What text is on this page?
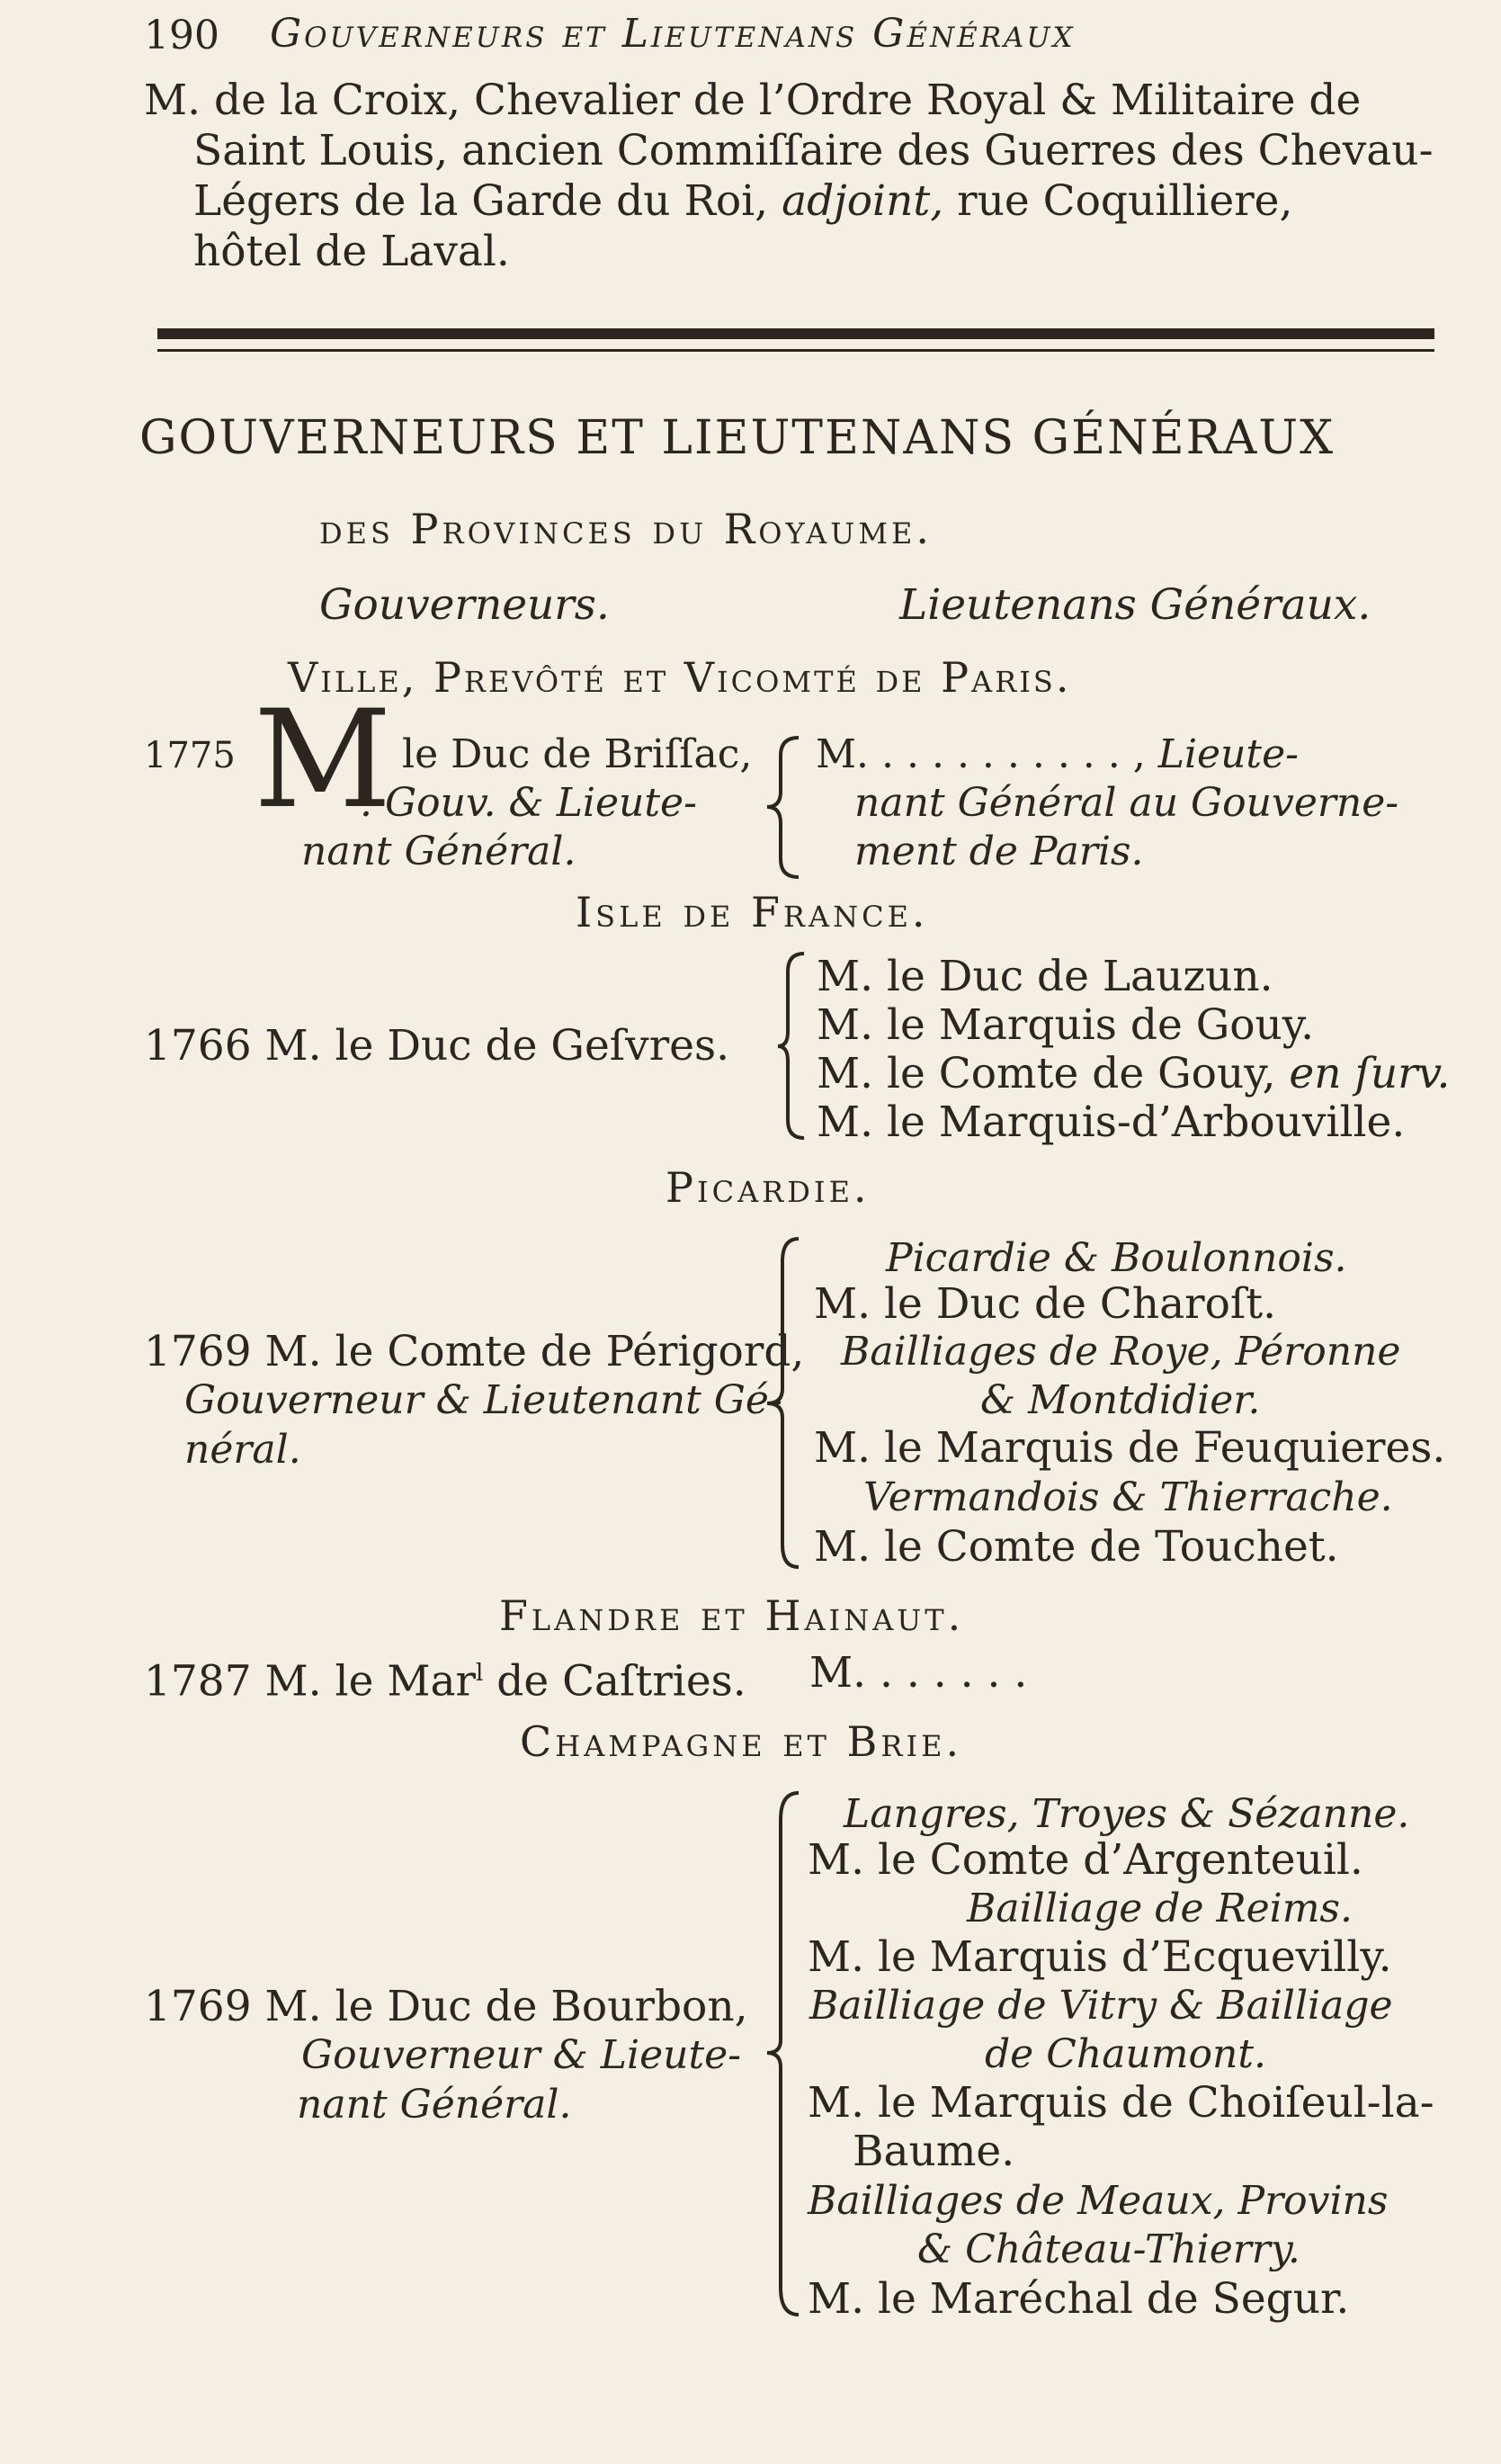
190 Gouverneurs et Lieutenans Généraux
M. de la Croix, Chevalier de l’Ordre Royal & Militaire de
Saint Louis, ancien Commiſſaire des Guerres des Chevau-
Légers de la Garde du Roi, adjoint, rue Coquilliere,
hôtel de Laval.
GOUVERNEURS ET LIEUTENANS GÉNÉRAUX
des Provinces du Royaume.
Gouverneurs.	Lieutenans Généraux.
Ville, Prevôté et Vicomté de Paris.
1775 M le Duc de Briſſac,
. Gouv. & Lieute-
nant Général.
M. . . . . . . . . . . , Lieute-
nant Général au Gouverne-
ment de Paris.
Isle de France.
1766 M. le Duc de Geſvres.
M. le Duc de Lauzun.
M. le Marquis de Gouy.
M. le Comte de Gouy, en ſurv.
M. le Marquis-d’Arbouville.
Picardie.
1769 M. le Comte de Périgord,
Gouverneur & Lieutenant Gé-
néral.
Picardie & Boulonnois.
M. le Duc de Charoſt.
Bailliages de Roye, Péronne
& Montdidier.
M. le Marquis de Feuquieres.
Vermandois & Thierrache.
M. le Comte de Touchet.
Flandre et Hainaut.
1787 M. le Mar$^l$ de Caſtries. M. . . . . . .
Champagne et Brie.
1769 M. le Duc de Bourbon,
Gouverneur & Lieute-
nant Général.
Langres, Troyes & Sézanne.
M. le Comte d’Argenteuil.
Bailliage de Reims.
M. le Marquis d’Ecquevilly.
Bailliage de Vitry & Bailliage
de Chaumont.
M. le Marquis de Choiſeul-la-
Baume.
Bailliages de Meaux, Provins
& Château-Thierry.
M. le Maréchal de Segur.
